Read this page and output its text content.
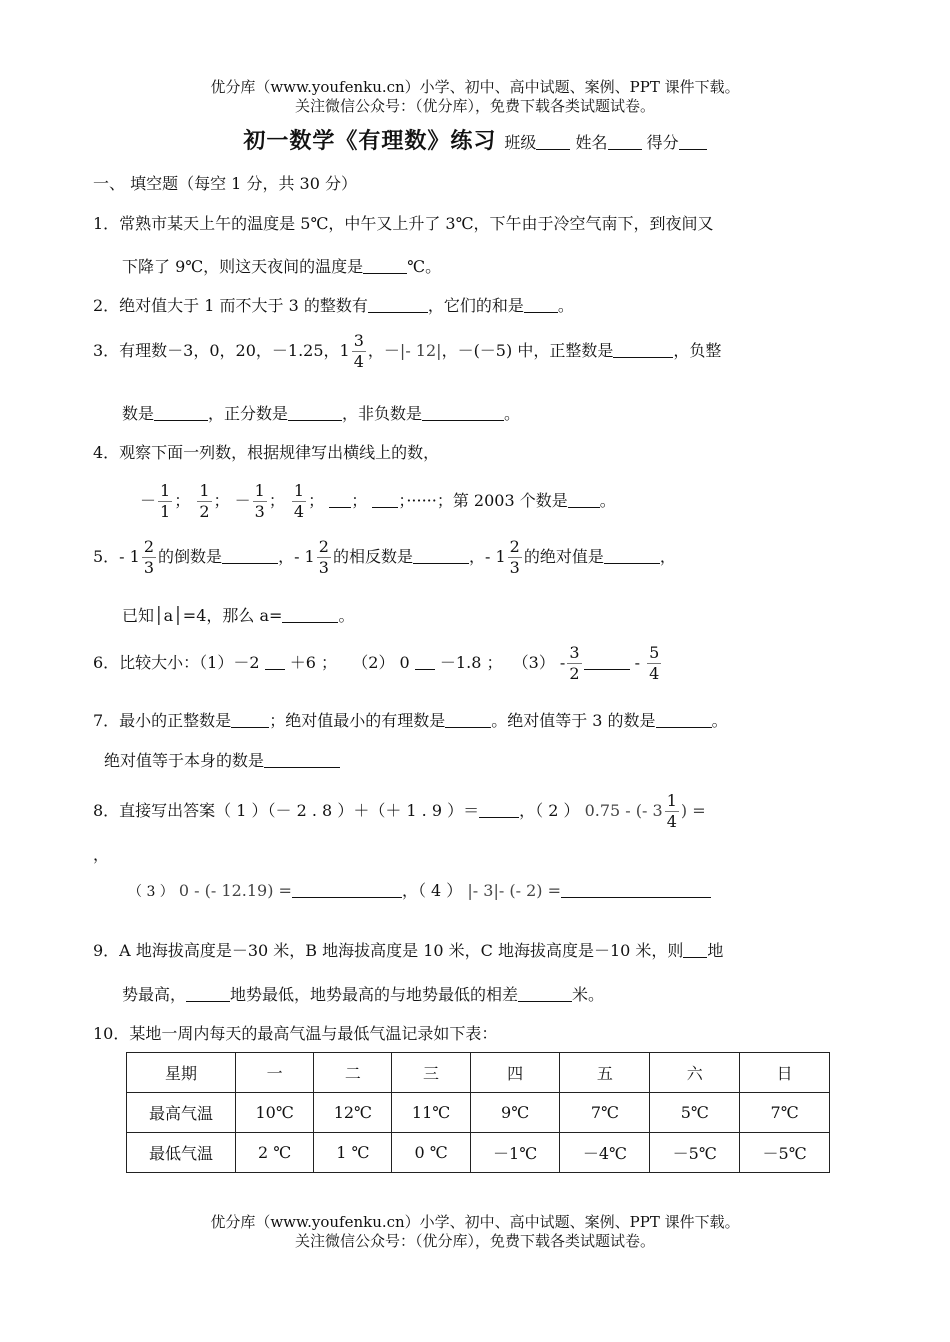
优分库（www.youfenku.cn）小学、初中、高中试题、案例、PPT 课件下载。
关注微信公众号：（优分库），免费下载各类试题试卷。
初一数学《有理数》练习 班级 姓名 得分
一、 填空题（每空 1 分，共 30 分）
1．常熟市某天上午的温度是 5℃，中午又上升了 3℃，下午由于冷空气南下，到夜间又
下降了 9℃，则这天夜间的温度是	℃。
2．绝对值大于 1 而不大于 3 的整数有	，它们的和是 。
3．有理数－3，0，20，－1.25，$1 \frac{3}{4}$ ，－|- 12|，－(－5) 中，正整数是	，负整
数是	，正分数是	，非负数是	。
4．观察下面一列数，根据规律写出横线上的数，
－ $\frac{1}{1}$ ； $\frac{1}{2}$ ； － $\frac{1}{3}$ ； $\frac{1}{4}$ ； ； ；······；第 2003 个数是 。
5．- $1 \frac{2}{3}$ 的倒数是	，- $1 \frac{2}{3}$ 的相反数是	，- $1 \frac{2}{3}$ 的绝对值是	，
已知│a│=4，那么 a=	。
6．比较大小：（1）－2 ＋6 ； （2） 0 －1.8 ； $(3) - \frac{3}{2}$	- $\frac{5}{4}$
7．最小的正整数是 ；绝对值最小的有理数是	。绝对值等于 3 的数是	。
绝对值等于本身的数是
8．直接写出答案（ 1 ）（－ 2 . 8 ）＋（＋ 1 . 9 ）＝	，（ 2 ） 0.75 - (- $3 \frac{1}{4}$ ) =
，
（ 3 ） 0 - (- 12.19) =	，（ 4 ） |- 3|- (- 2) =
9．A 地海拔高度是－30 米，B 地海拔高度是 10 米，C 地海拔高度是－10 米，则 地
势最高，	地势最低，地势最高的与地势最低的相差	米。
10．某地一周内每天的最高气温与最低气温记录如下表：
星期	一	二	三	四	五	六	日
最高气温	10℃	12℃	11℃	9℃	7℃	5℃	7℃
最低气温	2 ℃	1 ℃	0 ℃	－1℃	－4℃	－5℃	－5℃
优分库（www.youfenku.cn）小学、初中、高中试题、案例、PPT 课件下载。
关注微信公众号：（优分库），免费下载各类试题试卷。
